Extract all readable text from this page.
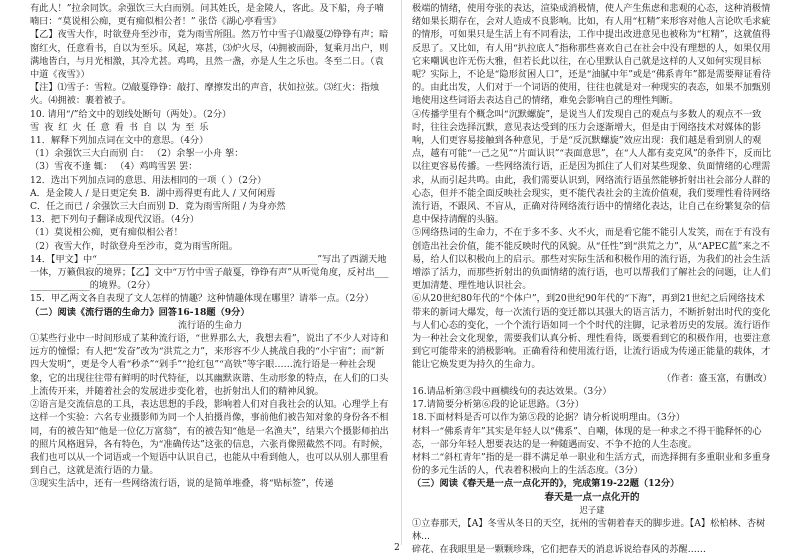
有此人！”拉余同饮。余强饮三大白而别。问其姓氏，是金陵人，客此。及下船，舟子喃喃曰：“莫说相公痴，更有痴似相公者！” 张岱《湖心亭看雪》

【乙】夜雪大作，时欲登舟至沙市，竟为雨雪所阻。然万竹中雪子⑴敲戛⑵铮铮有声；暗窗红火，任意看书，自以为至乐。风起，寒甚，⑶炉火尽，⑷拥被而卧，复乘月出户，则满地皆白，与月光相激，其冷尤甚。鸡鸣，且然一盏，亦是人生之乐也。冬至二日。（袁中道《夜雪》）

【注】⑴雪子：雪粒。⑵敲戛铮铮：敲打、摩擦发出的声音，状如拉弦。⑶红火：指烛火。⑷拥被：裹着被子。

10. 请用“/”给文中的划线处断句（两处）。（2分）

雪 夜 红 火 任 意 看 书 自 以 为 至 乐

11．解释下列加点词在文中的意思。（4分）

（1）余强饮三大白而别 白： （2）余挐一小舟 挐：

（3）雪夜不逢 辄： （4）鸡鸣雪罢 罢：

12．选出下列加点词的意思、用法相同的一项（ ）（2分）

A．是金陵人 / 是日更定矣 B．湖中焉得更有此人 / 又何闲焉

C．任之而已 / 余强饮三大白而别 D．竟为雨雪所阻 / 为身亦然

13．把下列句子翻译成现代汉语。（4分）

（1）莫说相公痴，更有痴似相公者！

（2）夜雪大作，时欲登舟至沙市，竟为雨雪所阻。

14．【甲文】中“________________________________________________”写出了西湖天地一体，万籁俱寂的境界；【乙】文中“万竹中雪子敲戛，铮铮有声”从听觉角度，反衬出________________的境界。（2分）

15．甲乙两文各自表现了文人怎样的情趣？这种情趣体现在哪里？请举一点。（2分）

（二）阅读《流行语的生命力》回答16-18题（9分）

流行语的生命力

①某些行业中一时间形成了某种流行语，“世界那么大，我想去看”，说出了不少人对诗和远方的憧憬；有人把“发奋”改为“洪荒之力”，来形容不少人挑战自我的“小宇宙”；而“新四大发明”，更是令人看“秒杀”“剁手”“抢红包”“高铁”等字眼……流行语是一种社会现象，它的出现往往带有鲜明的时代特征，以其幽默诙谐、生动形象的特点，在人们的口头上流传开来，并随着社会的发展进步变化着，也折射出人们的精神风貌。

②语言是交流信息的工具，表达思想的手段，影响着人们对自我社会的认知。心理学上有这样一个实验：六名专业摄影师为同一个人拍摄肖像，事前他们被告知对象的身份各不相同，有的被告知“他是一位亿万富翁”，有的被告知“他是一名渔夫”，结果六个摄影师拍出的照片风格迥异，各有特色，为“准确传达”这张的信息，六张肖像照截然不同。有时候，我们也可以从一个词语或一个短语中认识自己，也能从中看到他人，也可以从别人那里看到自己，这就是流行语的力量。

③现实生活中，还有一些网络流行语，说的是简单堆叠，将“贴标签”，传递

极端的情绪，使用夸张的表达，渲染成消极情，使人产生焦虑和悲观的心态，这种消极情绪如果长期存在，会对人造成不良影响。比如，有人用“杠精”来形容对他人言论吹毛求疵的情形，可如果只是生活上有不同看法，工作中提出改进意见也被称为“杠精”，这就值得反思了。又比如，有人用“扒拉底人”指称那些喜欢自己在社会中没有理想的人，如果仅用它来嘲讽也许无伤大雅，但若长此以往，在心里默认自己就是这样的人又如何实现目标呢？实际上，不论是“隐形贫困人口”，还是“油腻中年”或是“佛系青年”都是需要辩证看待的。由此出发，人们对于一个词语的使用，往往也就是对一种现实的表态，如果不加甄别地使用这些词语去表达自己的情绪，难免会影响自己的理性判断。

④传播学里有个概念叫“沉默螺旋”，是说当人们发现自己的观点与多数人的观点不一致时，往往会选择沉默，意见表达受到的压力会逐渐增大，但是由于网络技术对媒体的影响，人们更容易接触到各种意见，于是“反沉默螺旋”效应出现：我们越是看到别人的观点，越有可能“一己之见”“片面认识”“表面意思”，在“人人都有麦克风”的条件下，反而比以往更容易传播。一些网络流行语，正是因为抓住了人们对某些现象、负面情绪的心理需求，从而引起共鸣。由此，我们需要认识到，网络流行语虽然能够折射出社会部分人群的心态，但并不能全面反映社会现实，更不能代表社会的主流价值观，我们要理性看待网络流行语，不跟风、不盲从，正确对待网络流行语中的情绪化表达，让自己在纷繁复杂的信息中保持清醒的头脑。

⑤网络热词的生命力，不在于多不多、火不火，而是看它能不能引人发笑，而在于有没有创造出社会价值，能不能反映时代的风貌。从“任性”到“洪荒之力”，从“APEC蓝”来之不易，给人们以积极向上的启示。那些对实际生活和积极作用的流行语，为我们的社会生活增添了活力，而那些折射出的负面情绪的流行语，也可以帮我们了解社会的问题，让人们更加清楚、理性地认识社会。

⑥从20世纪80年代的“个体户”，到20世纪90年代的“下海”，再到21世纪之后网络技术带来的新词大爆发，每一次流行语的变迁都以其强大的语言活力，不断折射出时代的变化与人们心态的变化，一个个流行语如同一个个时代的注脚，记录着历史的发展。流行语作为一种社会文化现象，需要我们认真分析、理性看待，既要看到它的积极作用，也要注意到它可能带来的消极影响。正确看待和使用流行语，让流行语成为传递正能量的载体，才能让它焕发更为持久的生命力。

（作者：盛玉富，有删改）

16.请品析第③段中画横线句的表达效果。（3分）

17.请简要分析第⑥段的论证思路。（3分）

18.下面材料是否可以作为第⑤段的论据？请分析说明理由。（3分）

材料一“佛系青年”其实是年轻人以“佛系”、自嘲，体现的是一种求之不得干脆释怀的心态，一部分年轻人想要表达的是一种随遇而安、不争不抢的人生态度。

材料二“斜杠青年”指的是一群不满足单一职业和生活方式，而选择拥有多重职业和多重身份的多元生活的人，代表着积极向上的生活态度。（3分）

（三）阅读《春天是一点一点化开的》，完成第19-22题（12分）

春天是一点一点化开的

迟子建

①立春那天，【A】冬雪从冬日的天空，抚州的雪朝着春天的脚步进。【A】松柏林、杏树林...

碎花、在我眼里是一颗颗珍珠，它们把春天的消息诉说给春风的苏醒……

2
